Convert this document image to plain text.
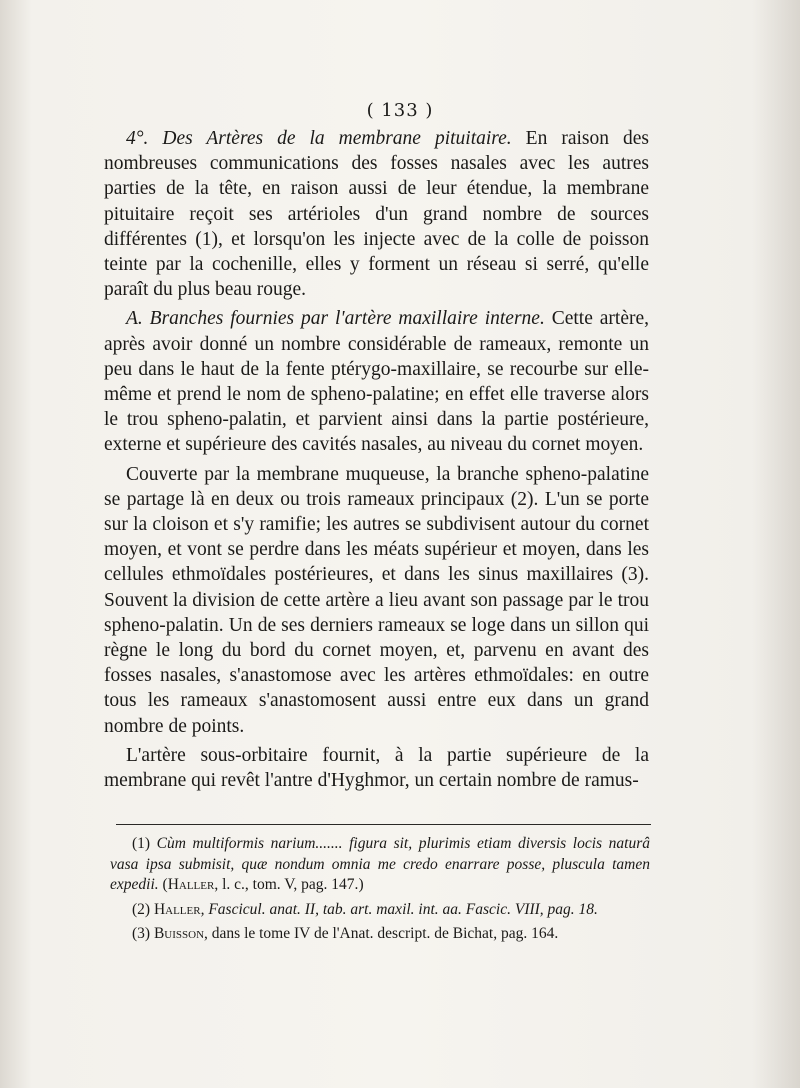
( 133 )

4°. Des Artères de la membrane pituitaire. En raison des nombreuses communications des fosses nasales avec les autres parties de la tête, en raison aussi de leur étendue, la membrane pituitaire reçoit ses artérioles d'un grand nombre de sources différentes (1), et lorsqu'on les injecte avec de la colle de poisson teinte par la cochenille, elles y forment un réseau si serré, qu'elle paraît du plus beau rouge.

A. Branches fournies par l'artère maxillaire interne. Cette artère, après avoir donné un nombre considérable de rameaux, remonte un peu dans le haut de la fente ptérygo-maxillaire, se recourbe sur elle-même et prend le nom de spheno-palatine; en effet elle traverse alors le trou spheno-palatin, et parvient ainsi dans la partie postérieure, externe et supérieure des cavités nasales, au niveau du cornet moyen.

Couverte par la membrane muqueuse, la branche spheno-palatine se partage là en deux ou trois rameaux principaux (2). L'un se porte sur la cloison et s'y ramifie; les autres se subdivisent autour du cornet moyen, et vont se perdre dans les méats supérieur et moyen, dans les cellules ethmoïdales postérieures, et dans les sinus maxillaires (3). Souvent la division de cette artère a lieu avant son passage par le trou spheno-palatin. Un de ses derniers rameaux se loge dans un sillon qui règne le long du bord du cornet moyen, et, parvenu en avant des fosses nasales, s'anastomose avec les artères ethmoïdales: en outre tous les rameaux s'anastomosent aussi entre eux dans un grand nombre de points.

L'artère sous-orbitaire fournit, à la partie supérieure de la membrane qui revêt l'antre d'Hyghmor, un certain nombre de ramus-

(1) Cùm multiformis narium....... figura sit, plurimis etiam diversis locis naturâ vasa ipsa submisit, quæ nondum omnia me credo enarrare posse, pluscula tamen expedii. (Haller, l. c., tom. V, pag. 147.)

(2) Haller, Fascicul. anat. II, tab. art. maxil. int. aa. Fascic. VIII, pag. 18.

(3) Buisson, dans le tome IV de l'Anat. descript. de Bichat, pag. 164.
